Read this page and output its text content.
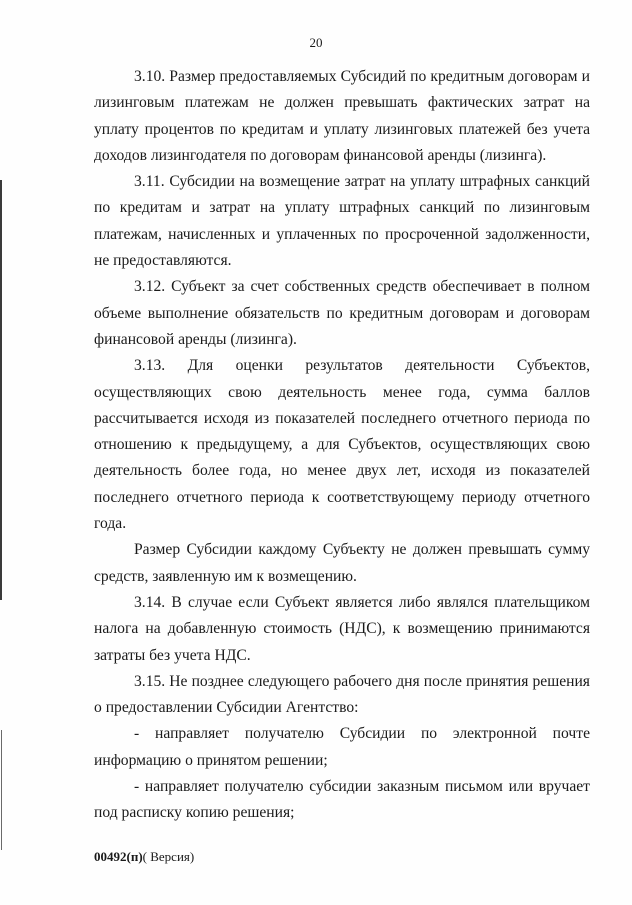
20

3.10. Размер предоставляемых Субсидий по кредитным договорам и лизинговым платежам не должен превышать фактических затрат на уплату процентов по кредитам и уплату лизинговых платежей без учета доходов лизингодателя по договорам финансовой аренды (лизинга).

3.11. Субсидии на возмещение затрат на уплату штрафных санкций по кредитам и затрат на уплату штрафных санкций по лизинговым платежам, начисленных и уплаченных по просроченной задолженности, не предоставляются.

3.12. Субъект за счет собственных средств обеспечивает в полном объеме выполнение обязательств по кредитным договорам и договорам финансовой аренды (лизинга).

3.13. Для оценки результатов деятельности Субъектов, осуществляющих свою деятельность менее года, сумма баллов рассчитывается исходя из показателей последнего отчетного периода по отношению к предыдущему, а для Субъектов, осуществляющих свою деятельность более года, но менее двух лет, исходя из показателей последнего отчетного периода к соответствующему периоду отчетного года.

Размер Субсидии каждому Субъекту не должен превышать сумму средств, заявленную им к возмещению.

3.14. В случае если Субъект является либо являлся плательщиком налога на добавленную стоимость (НДС), к возмещению принимаются затраты без учета НДС.

3.15. Не позднее следующего рабочего дня после принятия решения о предоставлении Субсидии Агентство:

- направляет получателю Субсидии по электронной почте информацию о принятом решении;

- направляет получателю субсидии заказным письмом или вручает под расписку копию решения;

00492(п)( Версия)
